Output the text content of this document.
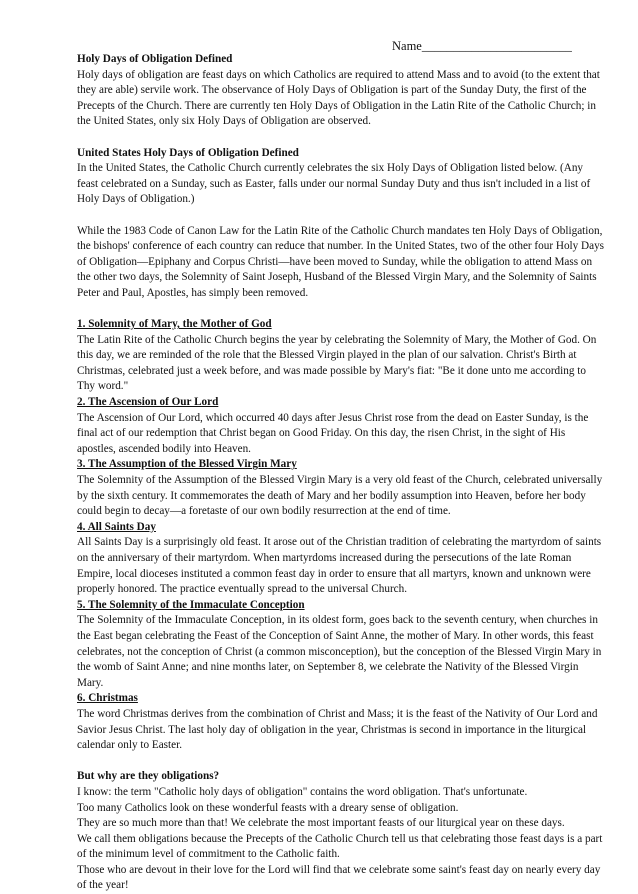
Name________________________
Holy Days of Obligation Defined

Holy days of obligation are feast days on which Catholics are required to attend Mass and to avoid (to the extent that they are able) servile work. The observance of Holy Days of Obligation is part of the Sunday Duty, the first of the Precepts of the Church. There are currently ten Holy Days of Obligation in the Latin Rite of the Catholic Church; in the United States, only six Holy Days of Obligation are observed.

United States Holy Days of Obligation Defined

In the United States, the Catholic Church currently celebrates the six Holy Days of Obligation listed below. (Any feast celebrated on a Sunday, such as Easter, falls under our normal Sunday Duty and thus isn't included in a list of Holy Days of Obligation.)

While the 1983 Code of Canon Law for the Latin Rite of the Catholic Church mandates ten Holy Days of Obligation, the bishops' conference of each country can reduce that number. In the United States, two of the other four Holy Days of Obligation—Epiphany and Corpus Christi—have been moved to Sunday, while the obligation to attend Mass on the other two days, the Solemnity of Saint Joseph, Husband of the Blessed Virgin Mary, and the Solemnity of Saints Peter and Paul, Apostles, has simply been removed.

1. Solemnity of Mary, the Mother of God

The Latin Rite of the Catholic Church begins the year by celebrating the Solemnity of Mary, the Mother of God. On this day, we are reminded of the role that the Blessed Virgin played in the plan of our salvation. Christ's Birth at Christmas, celebrated just a week before, and was made possible by Mary's fiat: "Be it done unto me according to Thy word."

2. The Ascension of Our Lord

The Ascension of Our Lord, which occurred 40 days after Jesus Christ rose from the dead on Easter Sunday, is the final act of our redemption that Christ began on Good Friday. On this day, the risen Christ, in the sight of His apostles, ascended bodily into Heaven.

3. The Assumption of the Blessed Virgin Mary

The Solemnity of the Assumption of the Blessed Virgin Mary is a very old feast of the Church, celebrated universally by the sixth century. It commemorates the death of Mary and her bodily assumption into Heaven, before her body could begin to decay—a foretaste of our own bodily resurrection at the end of time.

4. All Saints Day

All Saints Day is a surprisingly old feast. It arose out of the Christian tradition of celebrating the martyrdom of saints on the anniversary of their martyrdom. When martyrdoms increased during the persecutions of the late Roman Empire, local dioceses instituted a common feast day in order to ensure that all martyrs, known and unknown were properly honored. The practice eventually spread to the universal Church.

5. The Solemnity of the Immaculate Conception

The Solemnity of the Immaculate Conception, in its oldest form, goes back to the seventh century, when churches in the East began celebrating the Feast of the Conception of Saint Anne, the mother of Mary. In other words, this feast celebrates, not the conception of Christ (a common misconception), but the conception of the Blessed Virgin Mary in the womb of Saint Anne; and nine months later, on September 8, we celebrate the Nativity of the Blessed Virgin Mary.

6. Christmas

The word Christmas derives from the combination of Christ and Mass; it is the feast of the Nativity of Our Lord and Savior Jesus Christ. The last holy day of obligation in the year, Christmas is second in importance in the liturgical calendar only to Easter.

But why are they obligations?

I know: the term "Catholic holy days of obligation" contains the word obligation. That's unfortunate.

Too many Catholics look on these wonderful feasts with a dreary sense of obligation.

They are so much more than that! We celebrate the most important feasts of our liturgical year on these days.

We call them obligations because the Precepts of the Catholic Church tell us that celebrating those feast days is a part of the minimum level of commitment to the Catholic faith.

Those who are devout in their love for the Lord will find that we celebrate some saint's feast day on nearly every day of the year!
